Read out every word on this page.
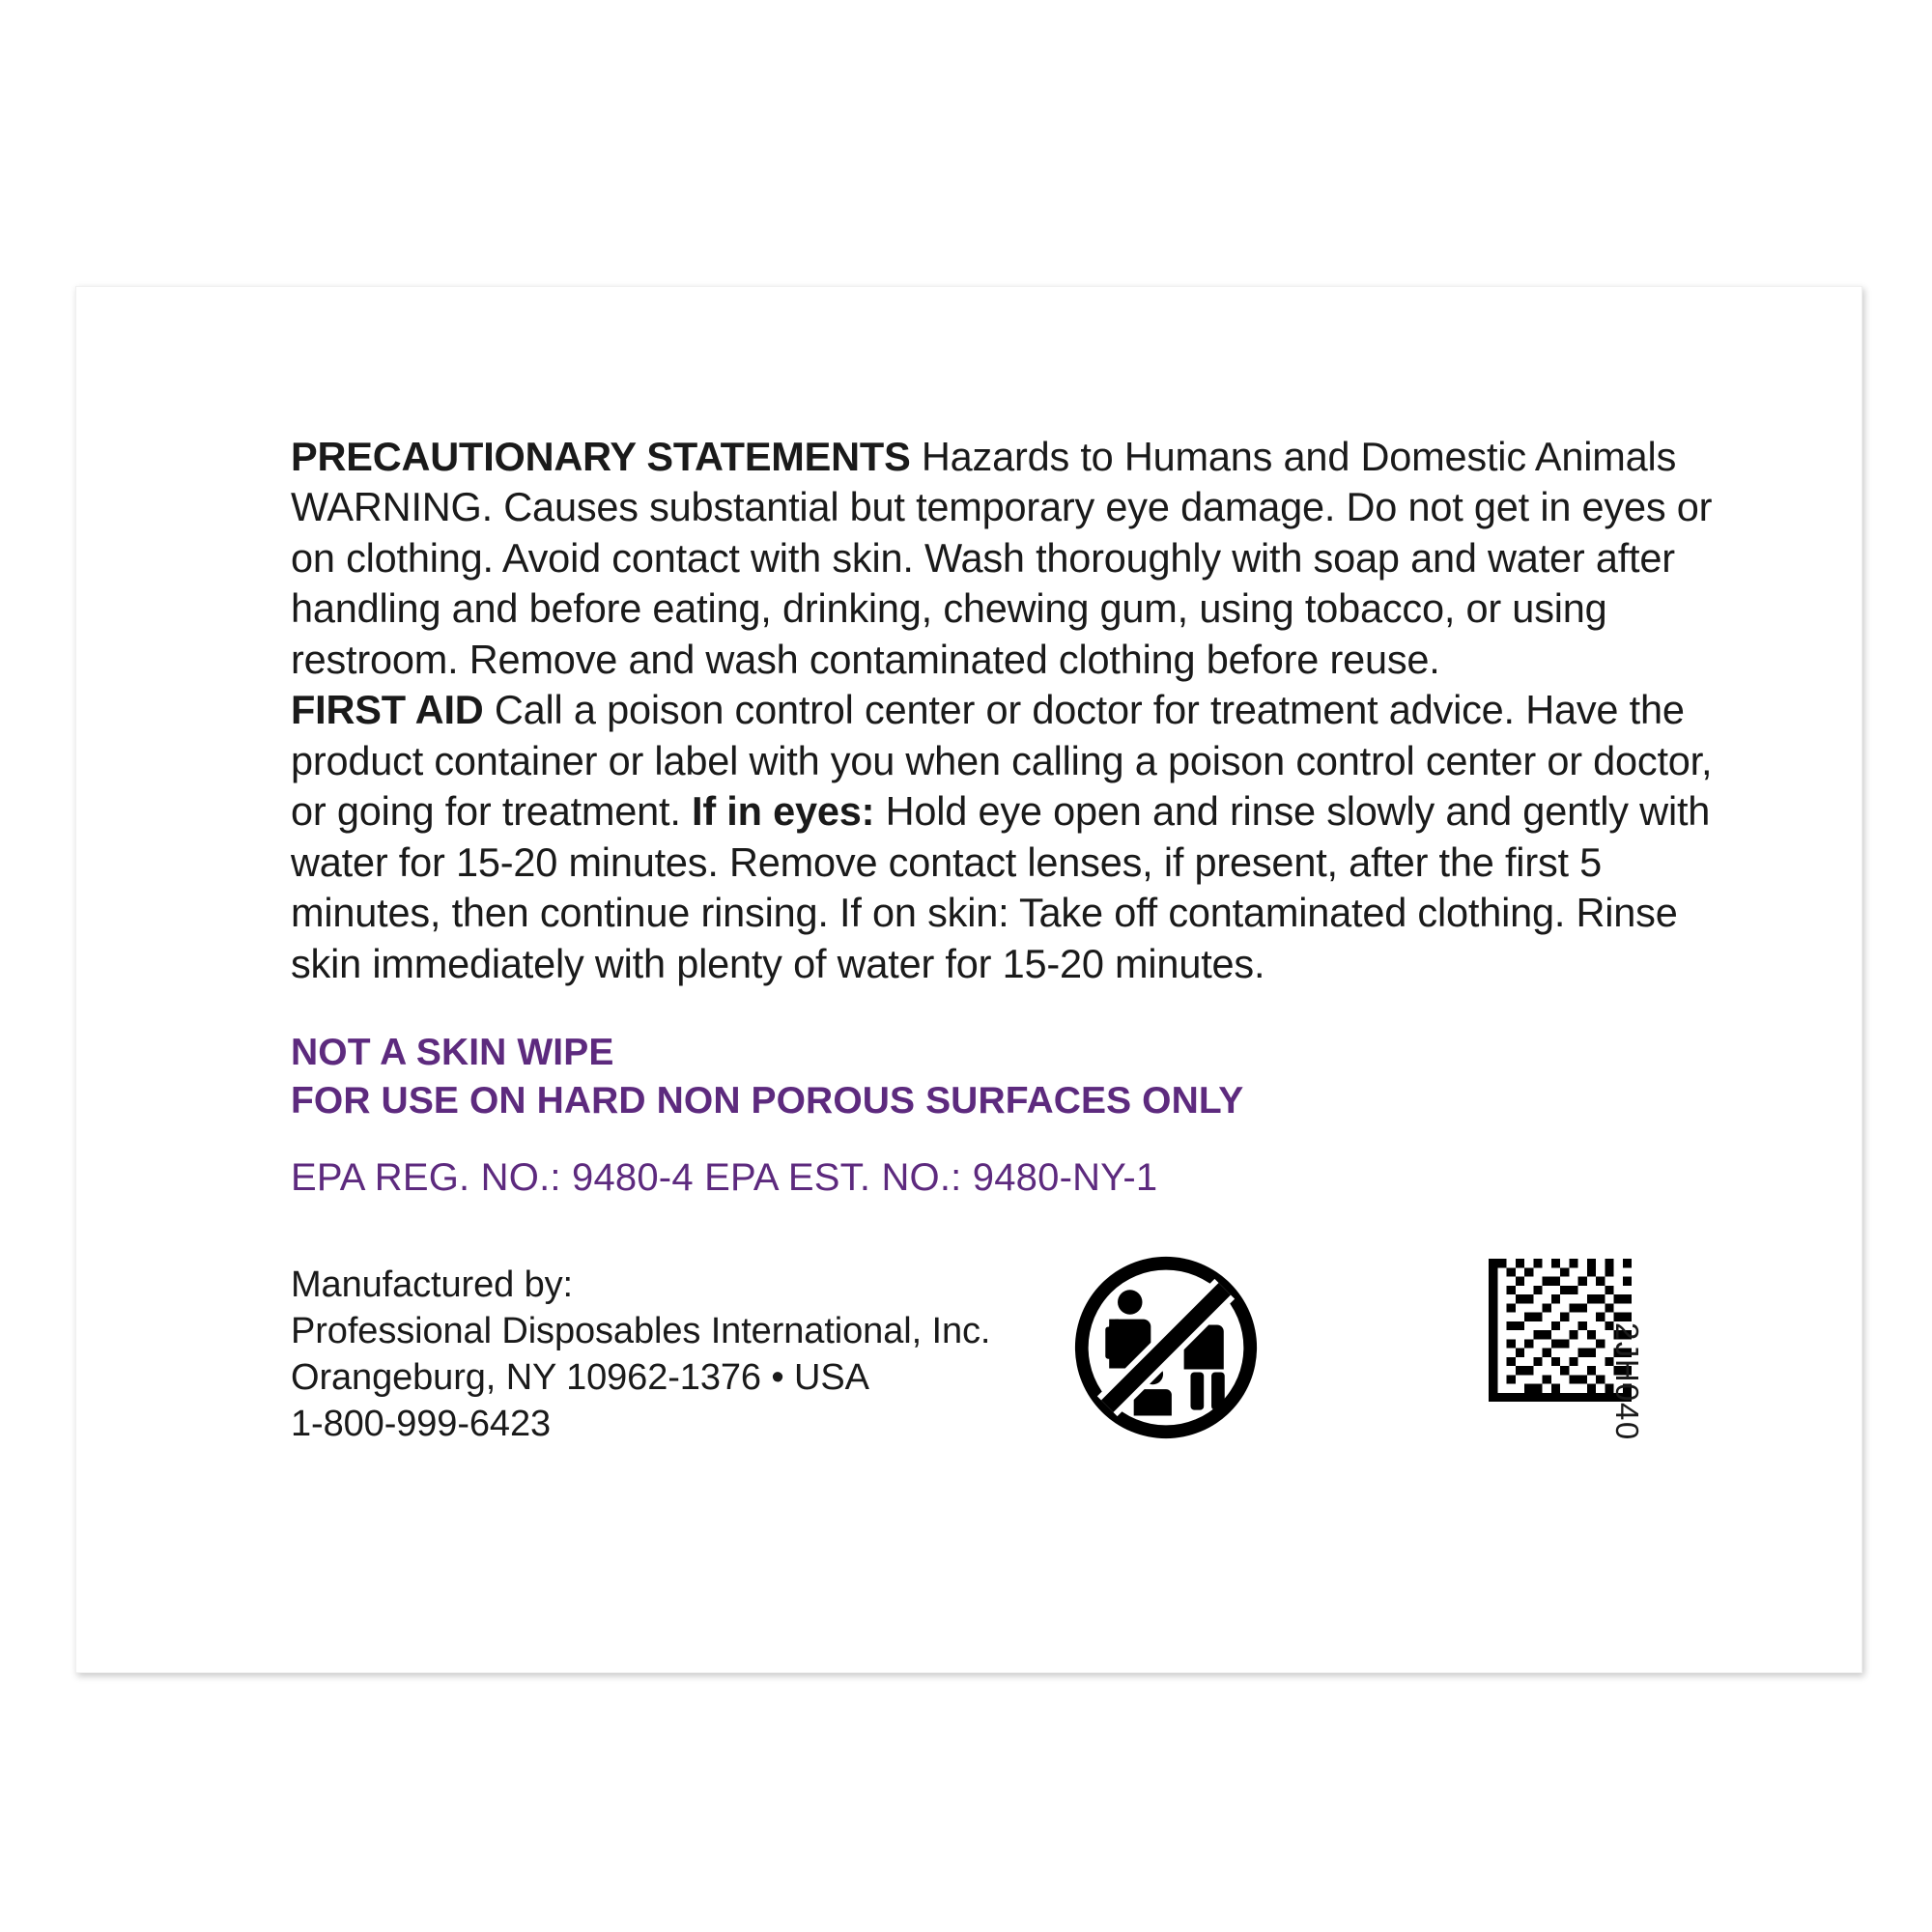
PRECAUTIONARY STATEMENTS Hazards to Humans and Domestic Animals WARNING. Causes substantial but temporary eye damage. Do not get in eyes or on clothing. Avoid contact with skin. Wash thoroughly with soap and water after handling and before eating, drinking, chewing gum, using tobacco, or using restroom. Remove and wash contaminated clothing before reuse.

FIRST AID Call a poison control center or doctor for treatment advice. Have the product container or label with you when calling a poison control center or doctor, or going for treatment. If in eyes: Hold eye open and rinse slowly and gently with water for 15-20 minutes. Remove contact lenses, if present, after the first 5 minutes, then continue rinsing. If on skin: Take off contaminated clothing. Rinse skin immediately with plenty of water for 15-20 minutes.

NOT A SKIN WIPE
FOR USE ON HARD NON POROUS SURFACES ONLY
EPA REG. NO.: 9480-4 EPA EST. NO.: 9480-NY-1
Manufactured by:
Professional Disposables International, Inc.
Orangeburg, NY 10962-1376 • USA
1-800-999-6423	2JH040
